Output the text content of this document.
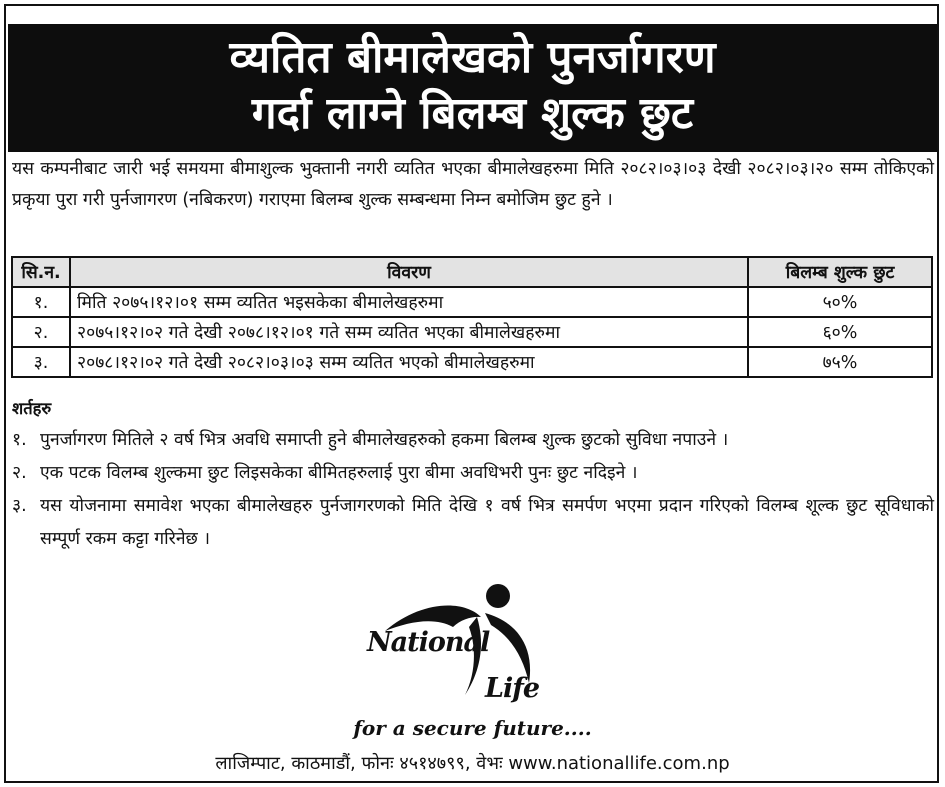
व्यतित बीमालेखको पुनर्जागरण
गर्दा लाग्ने बिलम्ब शुल्क छुट
यस कम्पनीबाट जारी भई समयमा बीमाशुल्क भुक्तानी नगरी व्यतित भएका बीमालेखहरुमा मिति २०८२।०३।०३ देखी २०८२।०३।२० सम्म तोकिएको प्रकृया पुरा गरी पुर्नजागरण (नबिकरण) गराएमा बिलम्ब शुल्क सम्बन्धमा निम्न बमोजिम छुट हुने ।
सि.न.	विवरण	बिलम्ब शुल्क छुट
१.	मिति २०७५।१२।०१ सम्म व्यतित भइसकेका बीमालेखहरुमा	५०%
२.	२०७५।१२।०२ गते देखी २०७८।१२।०१ गते सम्म व्यतित भएका बीमालेखहरुमा	६०%
३.	२०७८।१२।०२ गते देखी २०८२।०३।०३ सम्म व्यतित भएको बीमालेखहरुमा	७५%
शर्तहरु
१. पुनर्जागरण मितिले २ वर्ष भित्र अवधि समाप्ती हुने बीमालेखहरुको हकमा बिलम्ब शुल्क छुटको सुविधा नपाउने ।
२. एक पटक विलम्ब शुल्कमा छुट लिइसकेका बीमितहरुलाई पुरा बीमा अवधिभरी पुनः छुट नदिइने ।
३. यस योजनामा समावेश भएका बीमालेखहरु पुर्नजागरणको मिति देखि १ वर्ष भित्र समर्पण भएमा प्रदान गरिएको विलम्ब शूल्क छुट सूविधाको सम्पूर्ण रकम कट्टा गरिनेछ ।
National
Life
for a secure future....
लाजिम्पाट, काठमाडौं, फोनः ४५१४७९९, वेभः www.nationallife.com.np
